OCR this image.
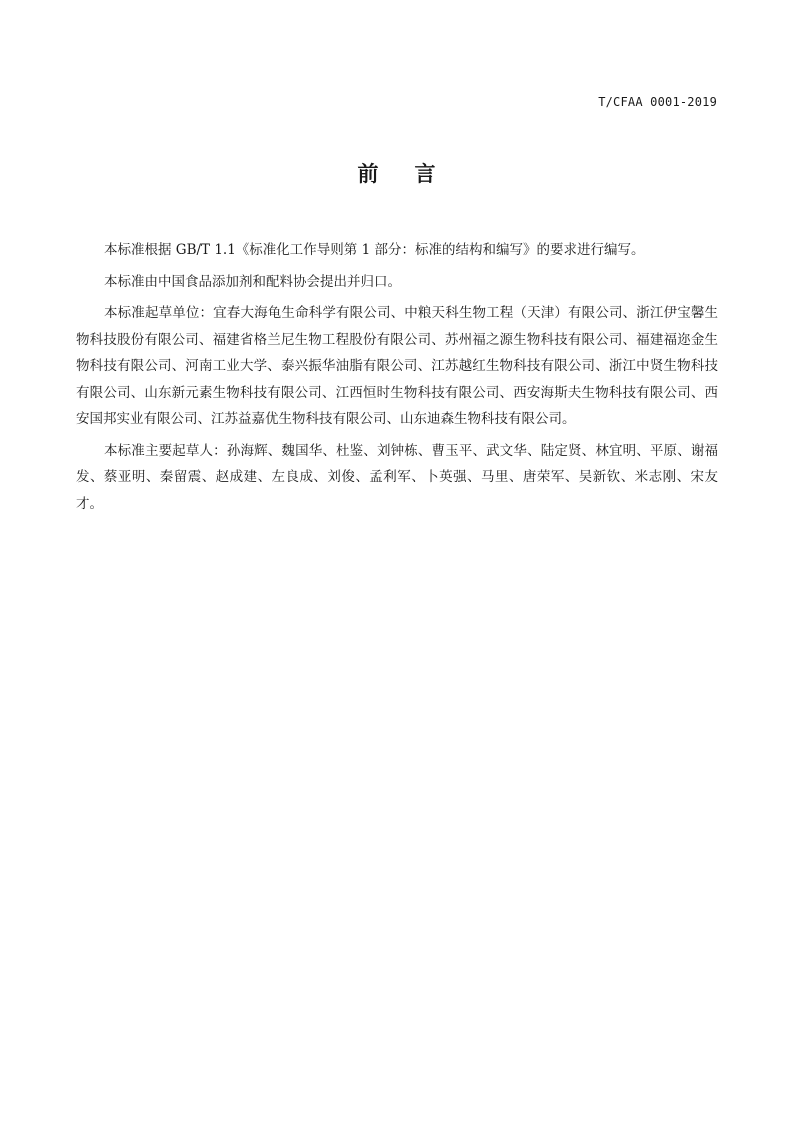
T/CFAA 0001-2019
前言

本标准根据 GB/T 1.1《标准化工作导则第 1 部分：标准的结构和编写》的要求进行编写。

本标准由中国食品添加剂和配料协会提出并归口。

本标准起草单位：宜春大海龟生命科学有限公司、中粮天科生物工程（天津）有限公司、浙江伊宝馨生物科技股份有限公司、福建省格兰尼生物工程股份有限公司、苏州福之源生物科技有限公司、福建福迩金生物科技有限公司、河南工业大学、泰兴振华油脂有限公司、江苏越红生物科技有限公司、浙江中贤生物科技有限公司、山东新元素生物科技有限公司、江西恒时生物科技有限公司、西安海斯夫生物科技有限公司、西安国邦实业有限公司、江苏益嘉优生物科技有限公司、山东迪森生物科技有限公司。

本标准主要起草人：孙海辉、魏国华、杜鉴、刘钟栋、曹玉平、武文华、陆定贤、林宜明、平原、谢福发、蔡亚明、秦留震、赵成建、左良成、刘俊、孟利军、卜英强、马里、唐荣军、吴新钦、米志刚、宋友才。
